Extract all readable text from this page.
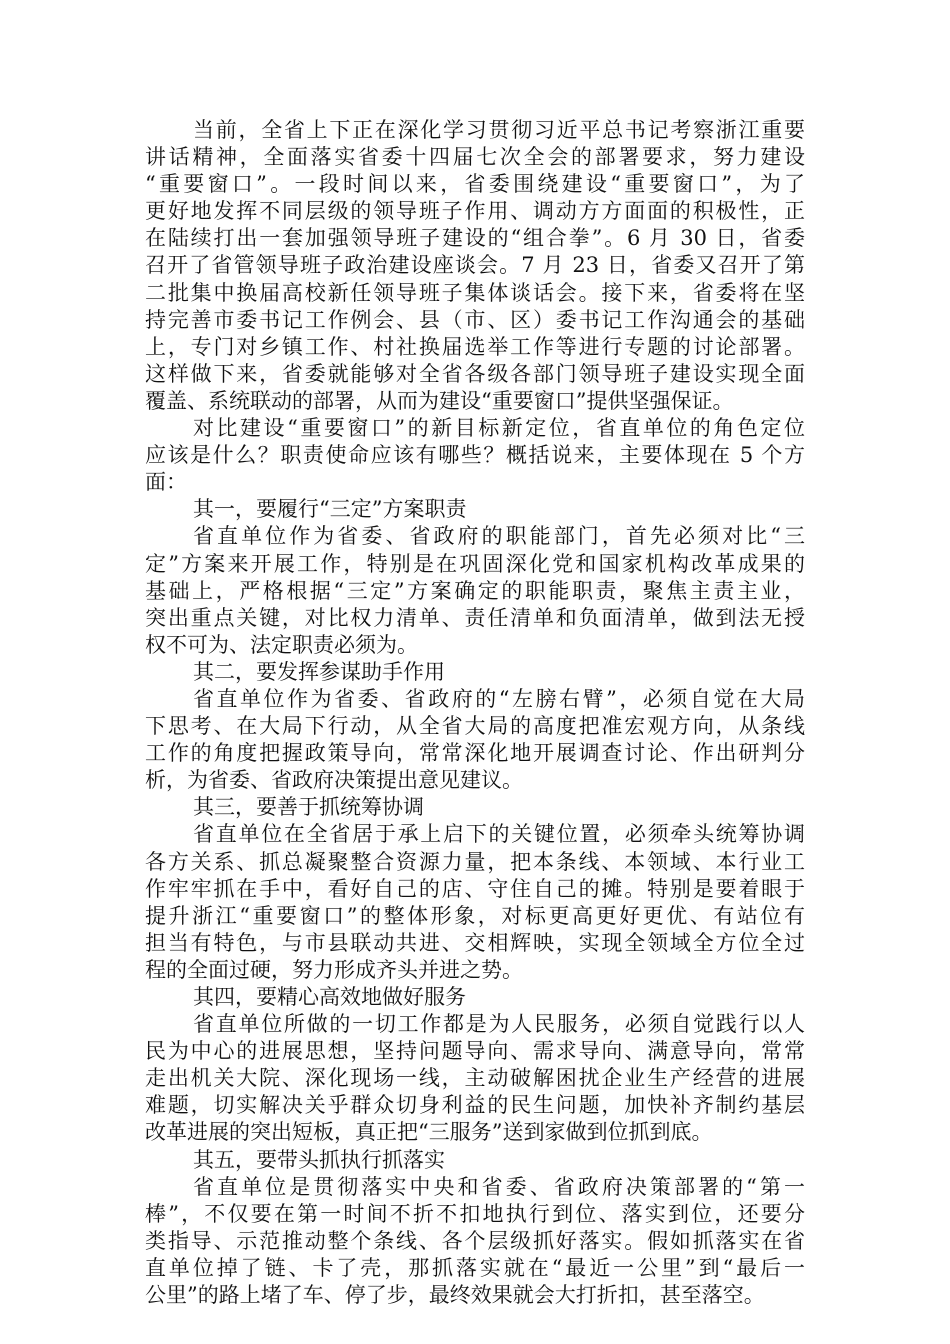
当前，全省上下正在深化学习贯彻习近平总书记考察浙江重要
讲话精神，全面落实省委十四届七次全会的部署要求，努力建设
“重要窗口”。一段时间以来，省委围绕建设“重要窗口”，为了
更好地发挥不同层级的领导班子作用、调动方方面面的积极性，正
在陆续打出一套加强领导班子建设的“组合拳”。6 月 30 日，省委
召开了省管领导班子政治建设座谈会。7 月 23 日，省委又召开了第
二批集中换届高校新任领导班子集体谈话会。接下来，省委将在坚
持完善市委书记工作例会、县（市、区）委书记工作沟通会的基础
上，专门对乡镇工作、村社换届选举工作等进行专题的讨论部署。
这样做下来，省委就能够对全省各级各部门领导班子建设实现全面
覆盖、系统联动的部署，从而为建设“重要窗口”提供坚强保证。
对比建设“重要窗口”的新目标新定位，省直单位的角色定位
应该是什么？职责使命应该有哪些？概括说来，主要体现在 5 个方
面：
其一，要履行“三定”方案职责
省直单位作为省委、省政府的职能部门，首先必须对比“三
定”方案来开展工作，特别是在巩固深化党和国家机构改革成果的
基础上，严格根据“三定”方案确定的职能职责，聚焦主责主业，
突出重点关键，对比权力清单、责任清单和负面清单，做到法无授
权不可为、法定职责必须为。
其二，要发挥参谋助手作用
省直单位作为省委、省政府的“左膀右臂”，必须自觉在大局
下思考、在大局下行动，从全省大局的高度把准宏观方向，从条线
工作的角度把握政策导向，常常深化地开展调查讨论、作出研判分
析，为省委、省政府决策提出意见建议。
其三，要善于抓统筹协调
省直单位在全省居于承上启下的关键位置，必须牵头统筹协调
各方关系、抓总凝聚整合资源力量，把本条线、本领域、本行业工
作牢牢抓在手中，看好自己的店、守住自己的摊。特别是要着眼于
提升浙江“重要窗口”的整体形象，对标更高更好更优、有站位有
担当有特色，与市县联动共进、交相辉映，实现全领域全方位全过
程的全面过硬，努力形成齐头并进之势。
其四，要精心高效地做好服务
省直单位所做的一切工作都是为人民服务，必须自觉践行以人
民为中心的进展思想，坚持问题导向、需求导向、满意导向，常常
走出机关大院、深化现场一线，主动破解困扰企业生产经营的进展
难题，切实解决关乎群众切身利益的民生问题，加快补齐制约基层
改革进展的突出短板，真正把“三服务”送到家做到位抓到底。
其五，要带头抓执行抓落实
省直单位是贯彻落实中央和省委、省政府决策部署的“第一
棒”，不仅要在第一时间不折不扣地执行到位、落实到位，还要分
类指导、示范推动整个条线、各个层级抓好落实。假如抓落实在省
直单位掉了链、卡了壳，那抓落实就在“最近一公里”到“最后一
公里”的路上堵了车、停了步，最终效果就会大打折扣，甚至落空。
